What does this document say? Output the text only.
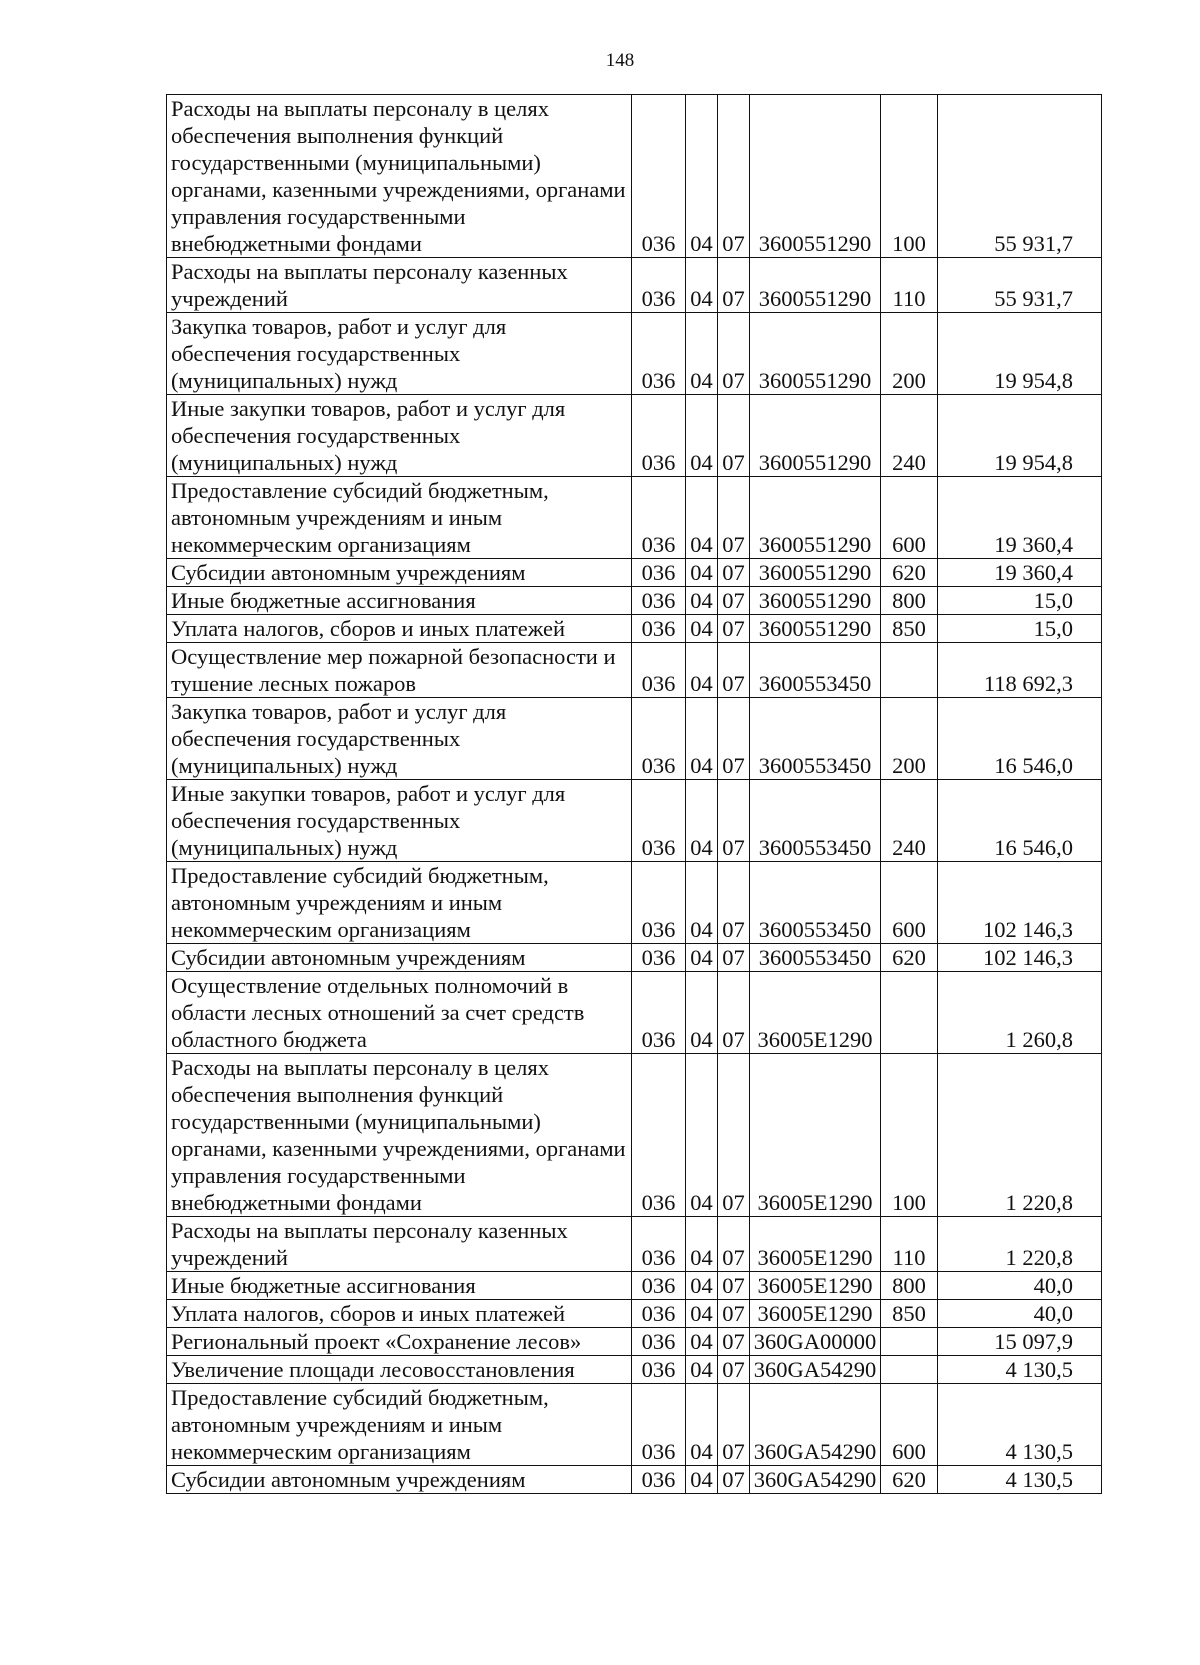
148
Расходы на выплаты персоналу в целях обеспечения выполнения функций государственными (муниципальными) органами, казенными учреждениями, органами управления государственными внебюджетными фондами	036	04	07	3600551290	100	55 931,7
Расходы на выплаты персоналу казенных учреждений	036	04	07	3600551290	110	55 931,7
Закупка товаров, работ и услуг для обеспечения государственных (муниципальных) нужд	036	04	07	3600551290	200	19 954,8
Иные закупки товаров, работ и услуг для обеспечения государственных (муниципальных) нужд	036	04	07	3600551290	240	19 954,8
Предоставление субсидий бюджетным, автономным учреждениям и иным некоммерческим организациям	036	04	07	3600551290	600	19 360,4
Субсидии автономным учреждениям	036	04	07	3600551290	620	19 360,4
Иные бюджетные ассигнования	036	04	07	3600551290	800	15,0
Уплата налогов, сборов и иных платежей	036	04	07	3600551290	850	15,0
Осуществление мер пожарной безопасности и тушение лесных пожаров	036	04	07	3600553450		118 692,3
Закупка товаров, работ и услуг для обеспечения государственных (муниципальных) нужд	036	04	07	3600553450	200	16 546,0
Иные закупки товаров, работ и услуг для обеспечения государственных (муниципальных) нужд	036	04	07	3600553450	240	16 546,0
Предоставление субсидий бюджетным, автономным учреждениям и иным некоммерческим организациям	036	04	07	3600553450	600	102 146,3
Субсидии автономным учреждениям	036	04	07	3600553450	620	102 146,3
Осуществление отдельных полномочий в области лесных отношений за счет средств областного бюджета	036	04	07	36005E1290		1 260,8
Расходы на выплаты персоналу в целях обеспечения выполнения функций государственными (муниципальными) органами, казенными учреждениями, органами управления государственными внебюджетными фондами	036	04	07	36005E1290	100	1 220,8
Расходы на выплаты персоналу казенных учреждений	036	04	07	36005E1290	110	1 220,8
Иные бюджетные ассигнования	036	04	07	36005E1290	800	40,0
Уплата налогов, сборов и иных платежей	036	04	07	36005E1290	850	40,0
Региональный проект «Сохранение лесов»	036	04	07	360GA00000		15 097,9
Увеличение площади лесовосстановления	036	04	07	360GA54290		4 130,5
Предоставление субсидий бюджетным, автономным учреждениям и иным некоммерческим организациям	036	04	07	360GA54290	600	4 130,5
Субсидии автономным учреждениям	036	04	07	360GA54290	620	4 130,5
